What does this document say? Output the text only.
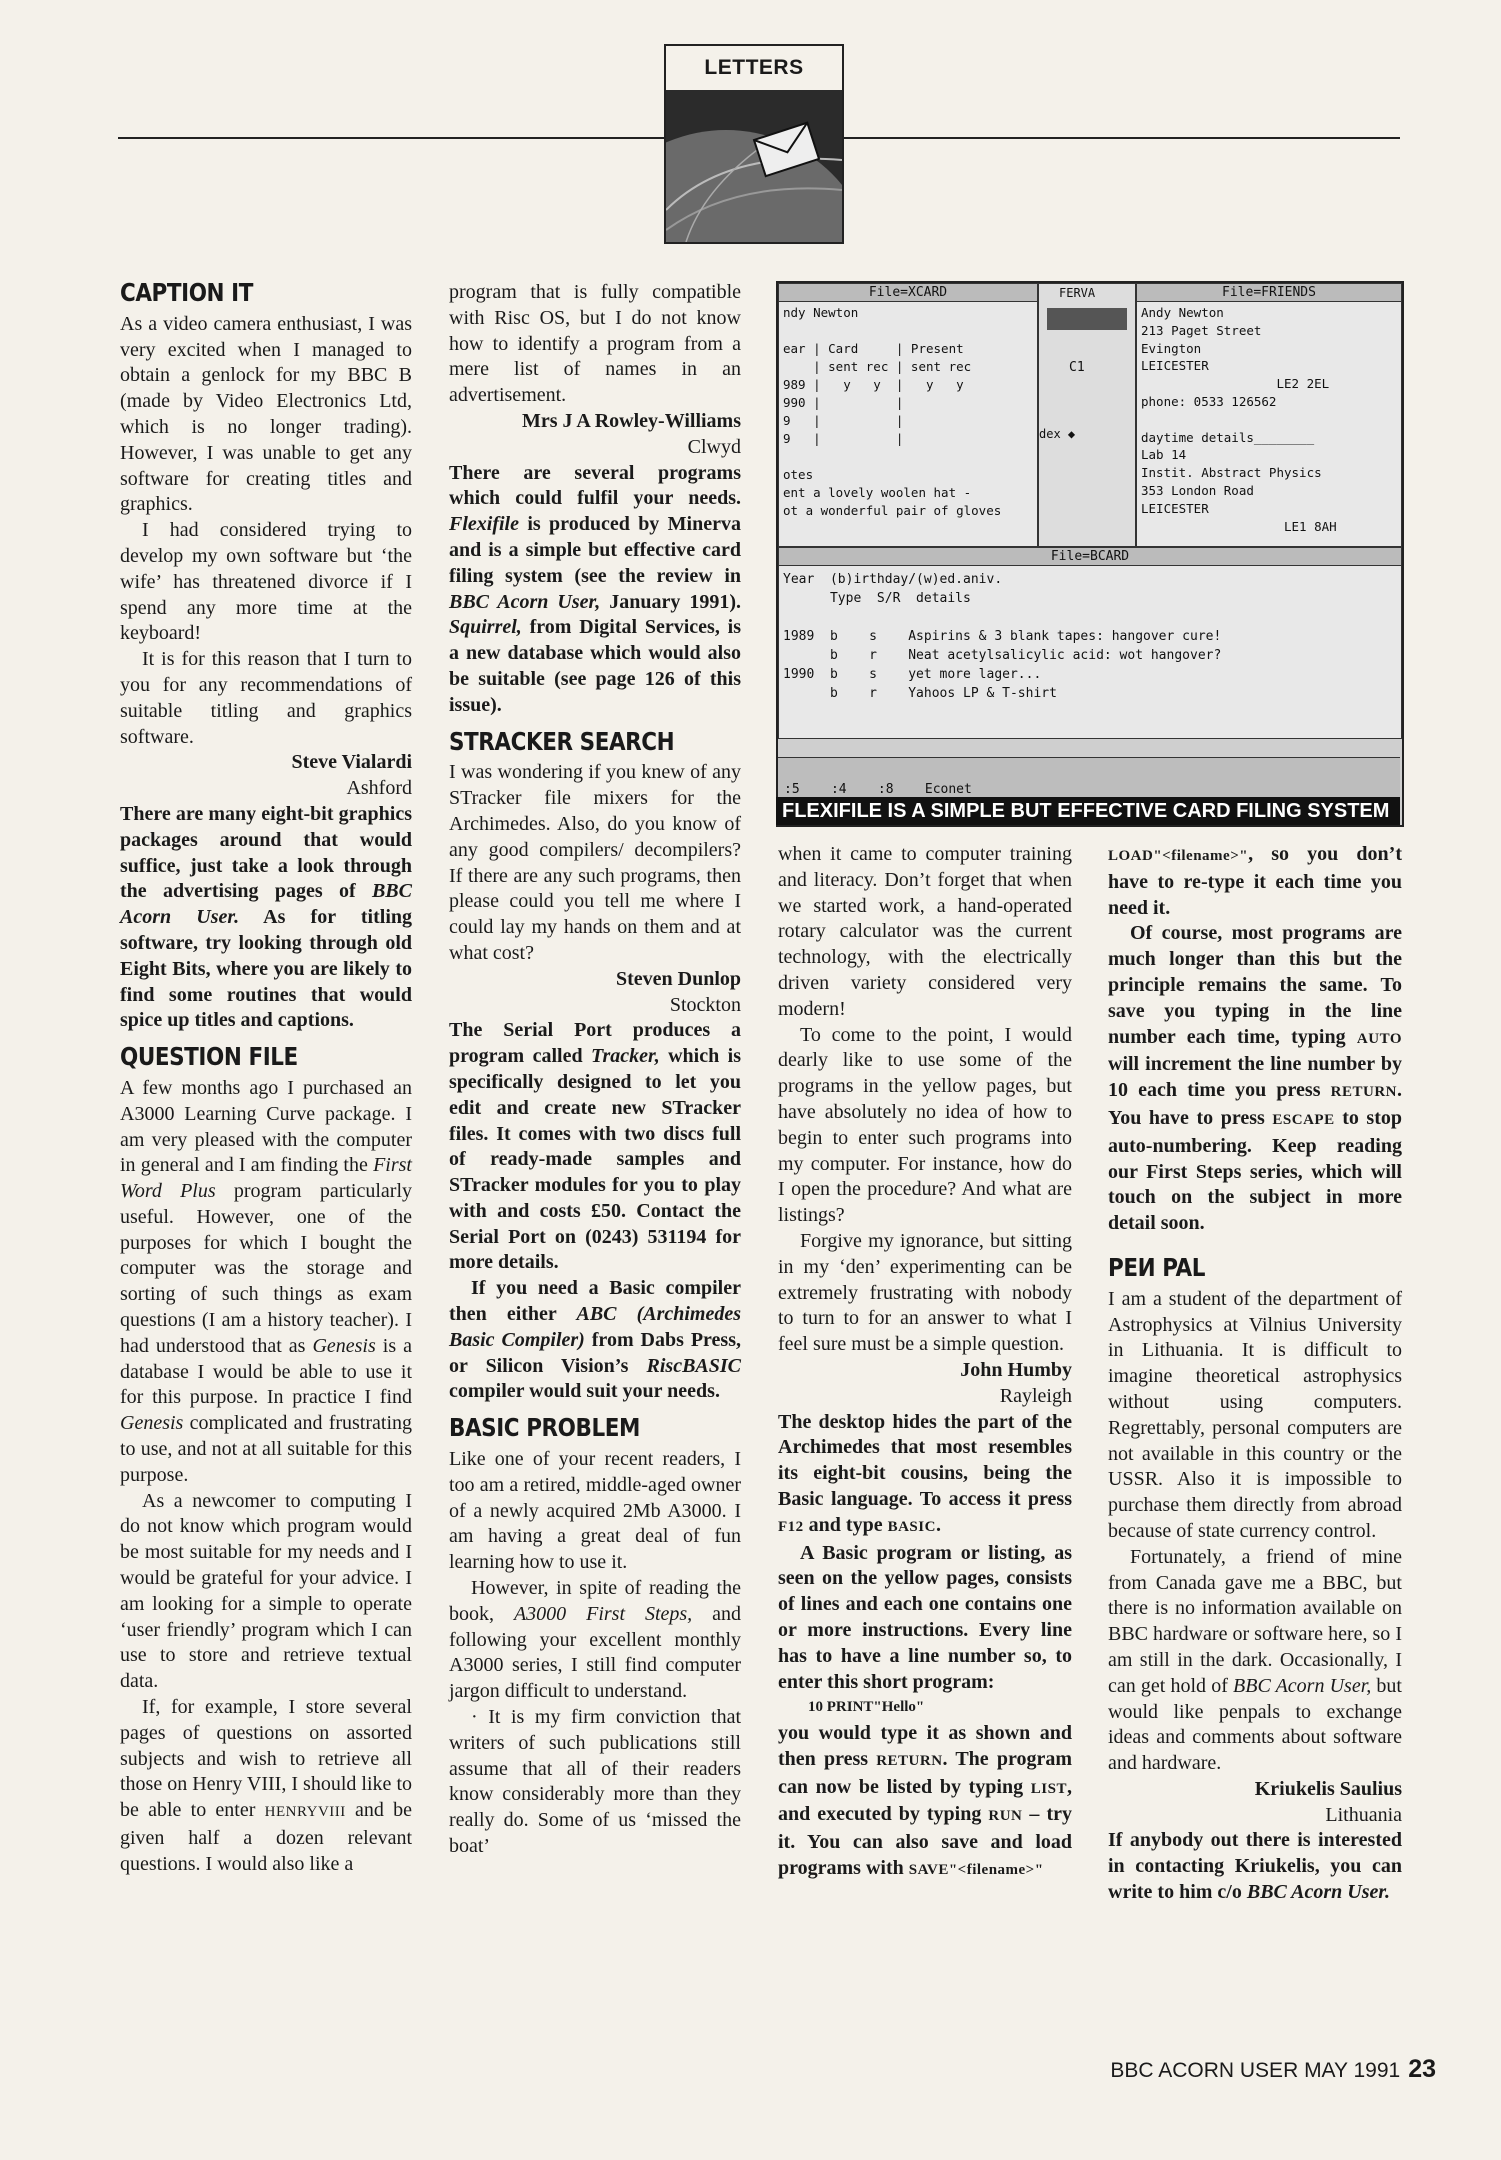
LETTERS
CAPTION IT

As a video camera enthusiast, I was very excited when I managed to obtain a genlock for my BBC B (made by Video Electronics Ltd, which is no longer trading). However, I was unable to get any software for creating titles and graphics.

I had considered trying to develop my own software but ‘the wife’ has threatened divorce if I spend any more time at the keyboard!

It is for this reason that I turn to you for any recommendations of suitable titling and graphics software.

Steve Vialardi

Ashford

There are many eight-bit graphics packages around that would suffice, just take a look through the advertising pages of BBC Acorn User. As for titling software, try looking through old Eight Bits, where you are likely to find some routines that would spice up titles and captions.

QUESTION FILE

A few months ago I purchased an A3000 Learning Curve package. I am very pleased with the computer in general and I am finding the First Word Plus program particularly useful. However, one of the purposes for which I bought the computer was the storage and sorting of such things as exam questions (I am a history teacher). I had understood that as Genesis is a database I would be able to use it for this purpose. In practice I find Genesis complicated and frustrating to use, and not at all suitable for this purpose.

As a newcomer to computing I do not know which program would be most suitable for my needs and I would be grateful for your advice. I am looking for a simple to operate ‘user friendly’ program which I can use to store and retrieve textual data.

If, for example, I store several pages of questions on assorted subjects and wish to retrieve all those on Henry VIII, I should like to be able to enter HENRYVIII and be given half a dozen relevant questions. I would also like a

program that is fully compatible with Risc OS, but I do not know how to identify a program from a mere list of names in an advertisement.

Mrs J A Rowley-Williams

Clwyd

There are several programs which could fulfil your needs. Flexifile is produced by Minerva and is a simple but effective card filing system (see the review in BBC Acorn User, January 1991). Squirrel, from Digital Services, is a new database which would also be suitable (see page 126 of this issue).

STRACKER SEARCH

I was wondering if you knew of any STracker file mixers for the Archimedes. Also, do you know of any good compilers/ decompilers? If there are any such programs, then please could you tell me where I could lay my hands on them and at what cost?

Steven Dunlop

Stockton

The Serial Port produces a program called Tracker, which is specifically designed to let you edit and create new STracker files. It comes with two discs full of ready-made samples and STracker modules for you to play with and costs £50. Contact the Serial Port on (0243) 531194 for more details.

If you need a Basic compiler then either ABC (Archimedes Basic Compiler) from Dabs Press, or Silicon Vision’s RiscBASIC compiler would suit your needs.

BASIC PROBLEM

Like one of your recent readers, I too am a retired, middle-aged owner of a newly acquired 2Mb A3000. I am having a great deal of fun learning how to use it.

However, in spite of reading the book, A3000 First Steps, and following your excellent monthly A3000 series, I still find computer jargon difficult to understand.

· It is my firm conviction that writers of such publications still assume that all of their readers know considerably more than they really do. Some of us ‘missed the boat’

File=XCARD
ndy Newton

ear | Card     | Present
| sent rec | sent rec
989 |   y   y  |   y   y
990 |          |
9   |          |
9   |          |

otes
ent a lovely woolen hat -
ot a wonderful pair of gloves
FERVA
C1
dex ◆
File=FRIENDS
Andy Newton
213 Paget Street
Evington
LEICESTER
LE2 2EL
phone: 0533 126562

daytime details________
Lab 14
Instit. Abstract Physics
353 London Road
LEICESTER
LE1 8AH
File=BCARD
Year  (b)irthday/(w)ed.aniv.
Type  S/R  details

1989  b    s    Aspirins & 3 blank tapes: hangover cure!
b    r    Neat acetylsalicylic acid: wot hangover?
1990  b    s    yet more lager...
b    r    Yahoos LP & T-shirt
:5    :4    :8    Econet
FLEXIFILE IS A SIMPLE BUT EFFECTIVE CARD FILING SYSTEM

when it came to computer training and literacy. Don’t forget that when we started work, a hand-operated rotary calculator was the current technology, with the electrically driven variety considered very modern!

To come to the point, I would dearly like to use some of the programs in the yellow pages, but have absolutely no idea of how to begin to enter such programs into my computer. For instance, how do I open the procedure? And what are listings?

Forgive my ignorance, but sitting in my ‘den’ experimenting can be extremely frustrating with nobody to turn to for an answer to what I feel sure must be a simple question.

John Humby

Rayleigh

The desktop hides the part of the Archimedes that most resembles its eight-bit cousins, being the Basic language. To access it press F12 and type BASIC.

A Basic program or listing, as seen on the yellow pages, consists of lines and each one contains one or more instructions. Every line has to have a line number so, to enter this short program:

10 PRINT"Hello"

you would type it as shown and then press RETURN. The program can now be listed by typing LIST, and executed by typing RUN – try it. You can also save and load programs with SAVE"<filename>"

LOAD"<filename>", so you don’t have to re-type it each time you need it.

Of course, most programs are much longer than this but the principle remains the same. To save you typing in the line number each time, typing AUTO will increment the line number by 10 each time you press RETURN. You have to press ESCAPE to stop auto-numbering. Keep reading our First Steps series, which will touch on the subject in more detail soon.

PEИ PAL

I am a student of the department of Astrophysics at Vilnius University in Lithuania. It is difficult to imagine theoretical astrophysics without using computers. Regrettably, personal computers are not available in this country or the USSR. Also it is impossible to purchase them directly from abroad because of state currency control.

Fortunately, a friend of mine from Canada gave me a BBC, but there is no information available on BBC hardware or software here, so I am still in the dark. Occasionally, I can get hold of BBC Acorn User, but would like penpals to exchange ideas and comments about software and hardware.

Kriukelis Saulius

Lithuania

If anybody out there is interested in contacting Kriukelis, you can write to him c/o BBC Acorn User.

BBC ACORN USER MAY 1991 23
